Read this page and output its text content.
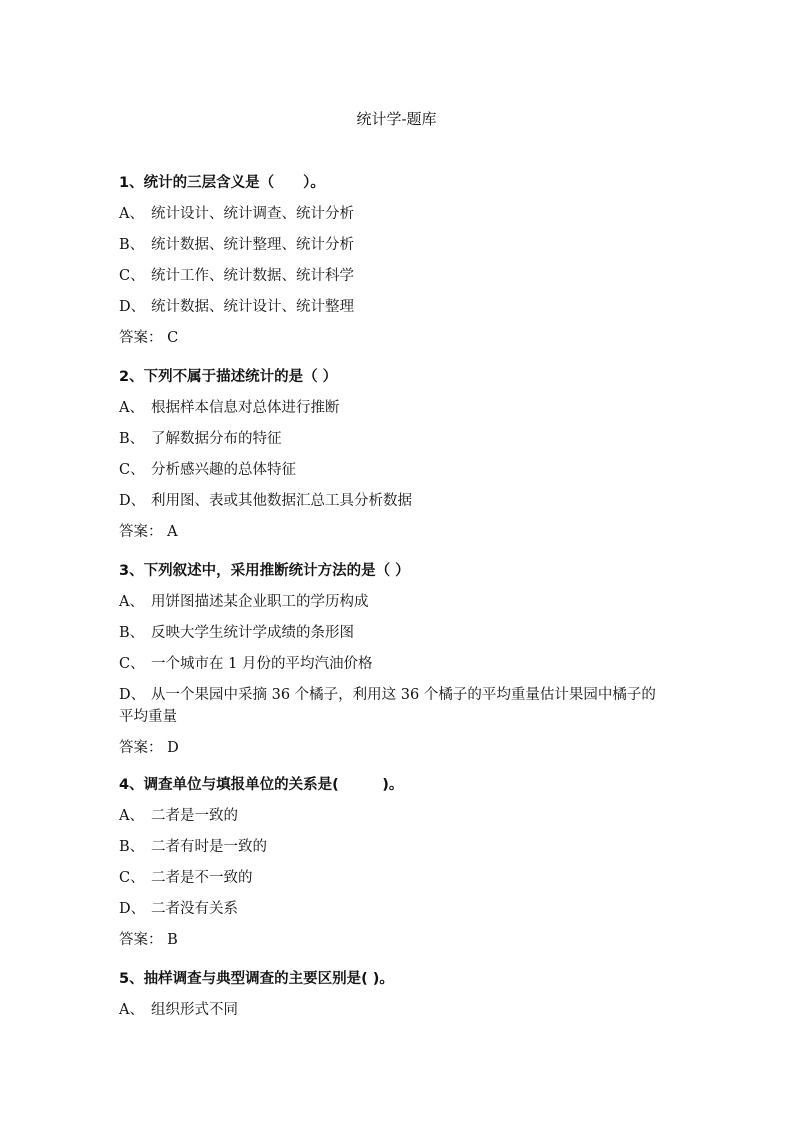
统计学-题库
1、统计的三层含义是（　　）。
A、 统计设计、统计调查、统计分析
B、 统计数据、统计整理、统计分析
C、 统计工作、统计数据、统计科学
D、 统计数据、统计设计、统计整理
答案： C
2、下列不属于描述统计的是（ ）
A、 根据样本信息对总体进行推断
B、 了解数据分布的特征
C、 分析感兴趣的总体特征
D、 利用图、表或其他数据汇总工具分析数据
答案： A
3、下列叙述中，采用推断统计方法的是（ ）
A、 用饼图描述某企业职工的学历构成
B、 反映大学生统计学成绩的条形图
C、 一个城市在 1 月份的平均汽油价格
D、 从一个果园中采摘 36 个橘子，利用这 36 个橘子的平均重量估计果园中橘子的平均重量
答案： D
4、调查单位与填报单位的关系是(　　　)。
A、 二者是一致的
B、 二者有时是一致的
C、 二者是不一致的
D、 二者没有关系
答案： B
5、抽样调查与典型调查的主要区别是( )。
A、 组织形式不同
